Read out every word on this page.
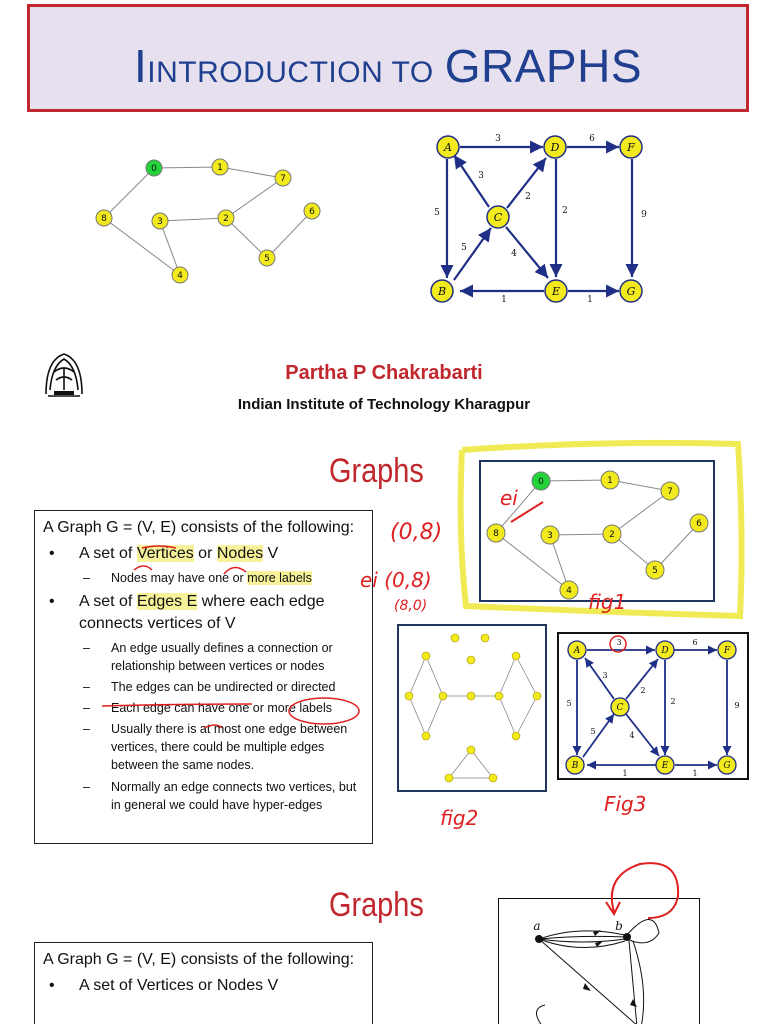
IINTRODUCTION TO GRAPHS
0	1
7
8	3	2
6
5
4
3	6
3
2
5	2	9
5
4
1	1
A	D	F
C
B	E	G
Partha P Chakrabarti
Indian Institute of Technology Kharagpur
Graphs
A Graph G = (V, E) consists of the following:
• A set of Vertices or Nodes V
– Nodes may have one or more labels
• A set of Edges E where each edge connects vertices of V
– An edge usually defines a connection or relationship between vertices or nodes
– The edges can be undirected or directed
– Each edge can have one or more labels
– Usually there is at most one edge between vertices, there could be multiple edges between the same nodes.
– Normally an edge connects two vertices, but in general we could have hyper-edges
0	1
7
8	3	2
6
5
4
3	6
3
2
5	2	9
5	4
1	1
A	D	F
C
B	E	G
ei
(0,8)
ei (0,8)
(8,0)	fig1
fig2
Fig3
Graphs
A Graph G = (V, E) consists of the following:
• A set of Vertices or Nodes V
a	b
